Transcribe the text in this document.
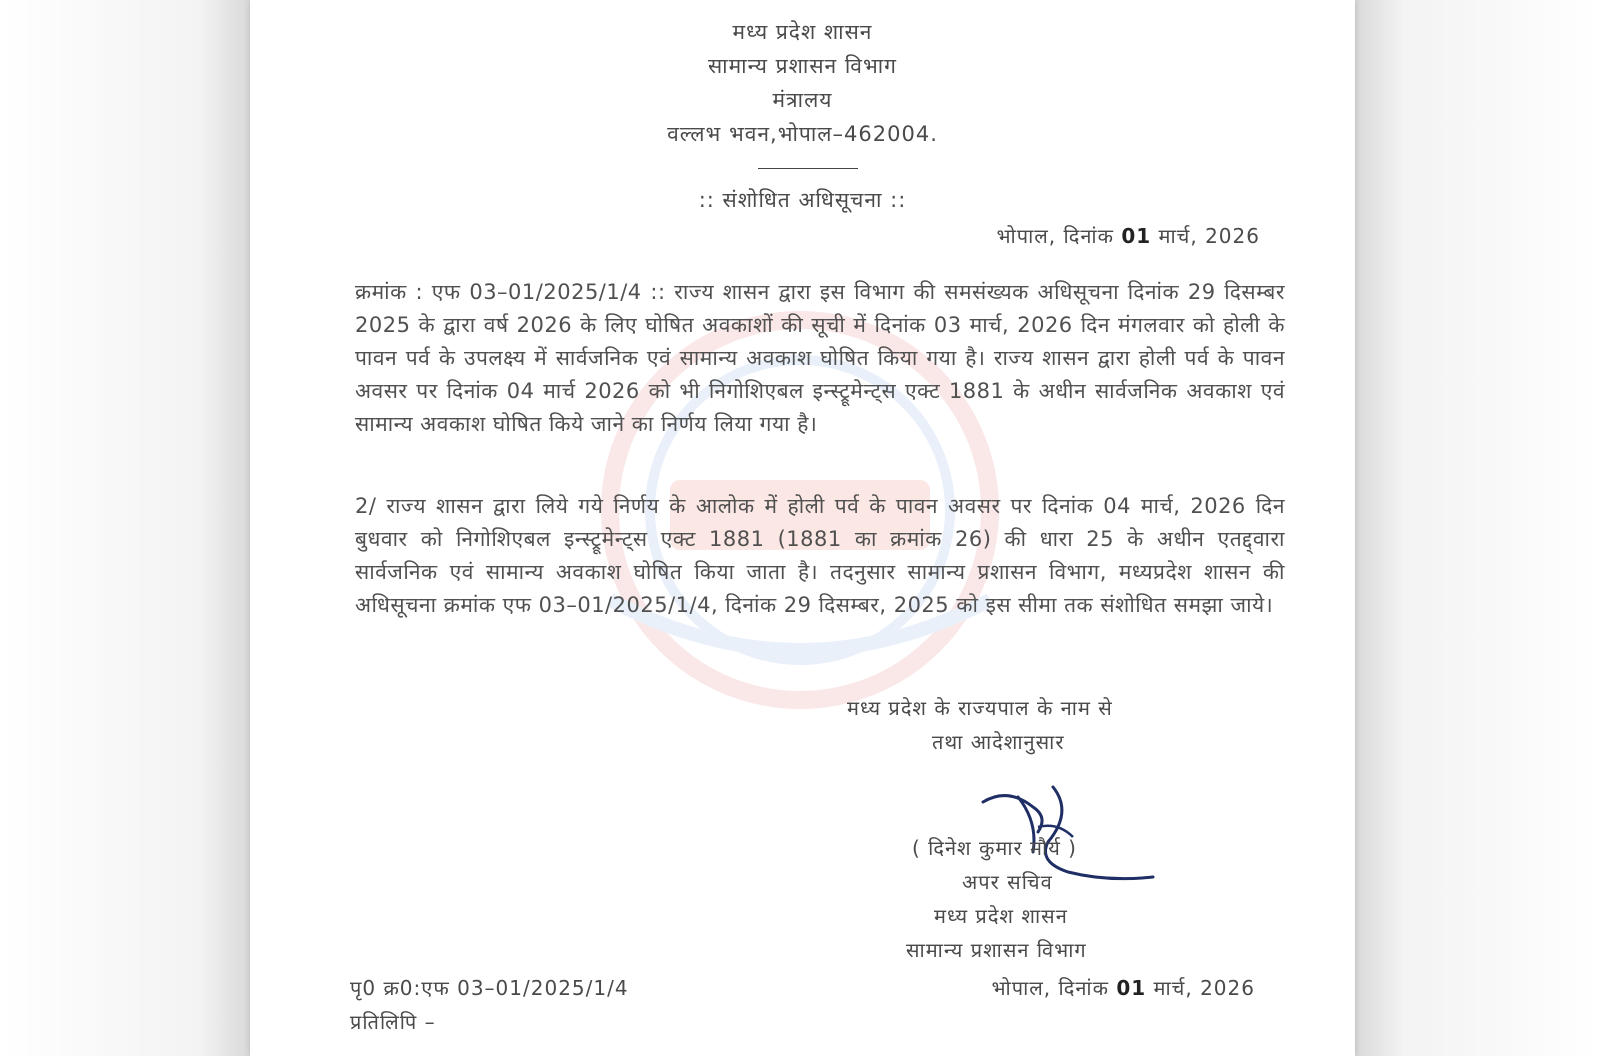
मध्य प्रदेश शासन
सामान्य प्रशासन विभाग
मंत्रालय
वल्लभ भवन,भोपाल–462004.
:: संशोधित अधिसूचना ::
भोपाल, दिनांक 01 मार्च, 2026
क्रमांक : एफ 03–01/2025/1/4 :: राज्य शासन द्वारा इस विभाग की समसंख्यक अधिसूचना दिनांक 29 दिसम्बर 2025 के द्वारा वर्ष 2026 के लिए घोषित अवकाशों की सूची में दिनांक 03 मार्च, 2026 दिन मंगलवार को होली के पावन पर्व के उपलक्ष्य में सार्वजनिक एवं सामान्य अवकाश घोषित किया गया है। राज्य शासन द्वारा होली पर्व के पावन अवसर पर दिनांक 04 मार्च 2026 को भी निगोशिएबल इन्स्ट्रूमेन्ट्स एक्ट 1881 के अधीन सार्वजनिक अवकाश एवं सामान्य अवकाश घोषित किये जाने का निर्णय लिया गया है।
2/ राज्य शासन द्वारा लिये गये निर्णय के आलोक में होली पर्व के पावन अवसर पर दिनांक 04 मार्च, 2026 दिन बुधवार को निगोशिएबल इन्स्ट्रूमेन्ट्स एक्ट 1881 (1881 का क्रमांक 26) की धारा 25 के अधीन एतद्द्वारा सार्वजनिक एवं सामान्य अवकाश घोषित किया जाता है। तदनुसार सामान्य प्रशासन विभाग, मध्यप्रदेश शासन की अधिसूचना क्रमांक एफ 03–01/2025/1/4, दिनांक 29 दिसम्बर, 2025 को इस सीमा तक संशोधित समझा जाये।
मध्य प्रदेश के राज्यपाल के नाम से
तथा आदेशानुसार
( दिनेश कुमार मौर्य )
अपर सचिव
मध्य प्रदेश शासन
सामान्य प्रशासन विभाग
पृ0 क्र0:एफ 03–01/2025/1/4	भोपाल, दिनांक 01 मार्च, 2026
प्रतिलिपि –
